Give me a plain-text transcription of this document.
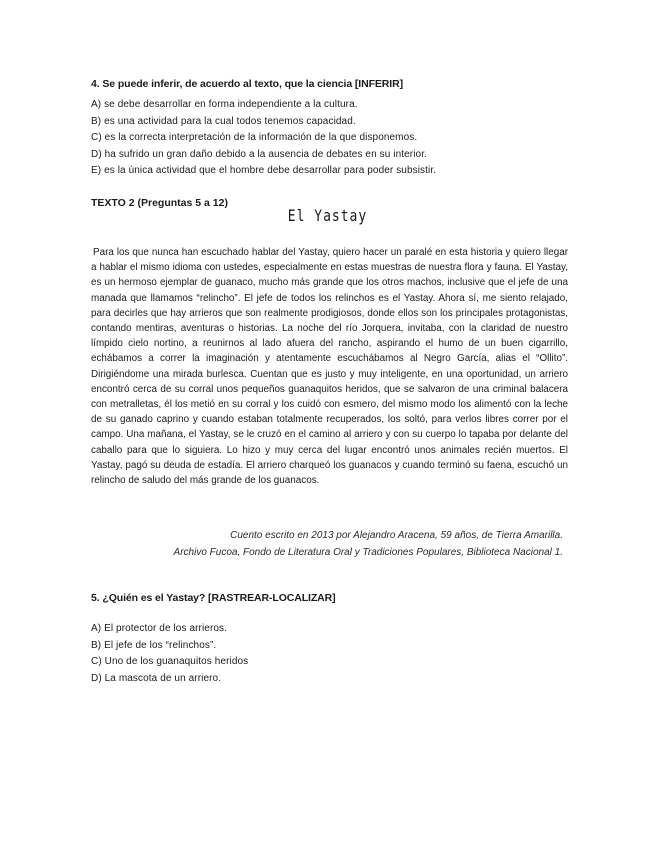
4. Se puede inferir, de acuerdo al texto, que la ciencia [INFERIR]
A) se debe desarrollar en forma independiente a la cultura.
B) es una actividad para la cual todos tenemos capacidad.
C) es la correcta interpretación de la información de la que disponemos.
D) ha sufrido un gran daño debido a la ausencia de debates en su interior.
E) es la única actividad que el hombre debe desarrollar para poder subsistir.
TEXTO 2 (Preguntas 5 a 12)
El Yastay

Para los que nunca han escuchado hablar del Yastay, quiero hacer un paralé en esta historia y quiero llegar a hablar el mismo idioma con ustedes, especialmente en estas muestras de nuestra flora y fauna. El Yastay, es un hermoso ejemplar de guanaco, mucho más grande que los otros machos, inclusive que el jefe de una manada que llamamos “relincho”. El jefe de todos los relinchos es el Yastay. Ahora sí, me siento relajado, para decirles que hay arrieros que son realmente prodigiosos, donde ellos son los principales protagonistas, contando mentiras, aventuras o historias. La noche del río Jorquera, invitaba, con la claridad de nuestro límpido cielo nortino, a reunirnos al lado afuera del rancho, aspirando el humo de un buen cigarrillo, echábamos a correr la imaginación y atentamente escuchábamos al Negro García, alias el “Ollito”. Dirigiéndome una mirada burlesca. Cuentan que es justo y muy inteligente, en una oportunidad, un arriero encontró cerca de su corral unos pequeños guanaquitos heridos, que se salvaron de una criminal balacera con metralletas, él los metió en su corral y los cuidó con esmero, del mismo modo los alimentó con la leche de su ganado caprino y cuando estaban totalmente recuperados, los soltó, para verlos libres correr por el campo. Una mañana, el Yastay, se le cruzó en el camino al arriero y con su cuerpo lo tapaba por delante del caballo para que lo siguiera. Lo hizo y muy cerca del lugar encontró unos animales recién muertos. El Yastay, pagó su deuda de estadía. El arriero charqueó los guanacos y cuando terminó su faena, escuchó un relincho de saludo del más grande de los guanacos.

Cuento escrito en 2013 por Alejandro Aracena, 59 años, de Tierra Amarilla.
Archivo Fucoa, Fondo de Literatura Oral y Tradiciones Populares, Biblioteca Nacional 1.
5. ¿Quién es el Yastay? [RASTREAR-LOCALIZAR]
A) El protector de los arrieros.
B) El jefe de los “relinchos”.
C) Uno de los guanaquitos heridos
D) La mascota de un arriero.
